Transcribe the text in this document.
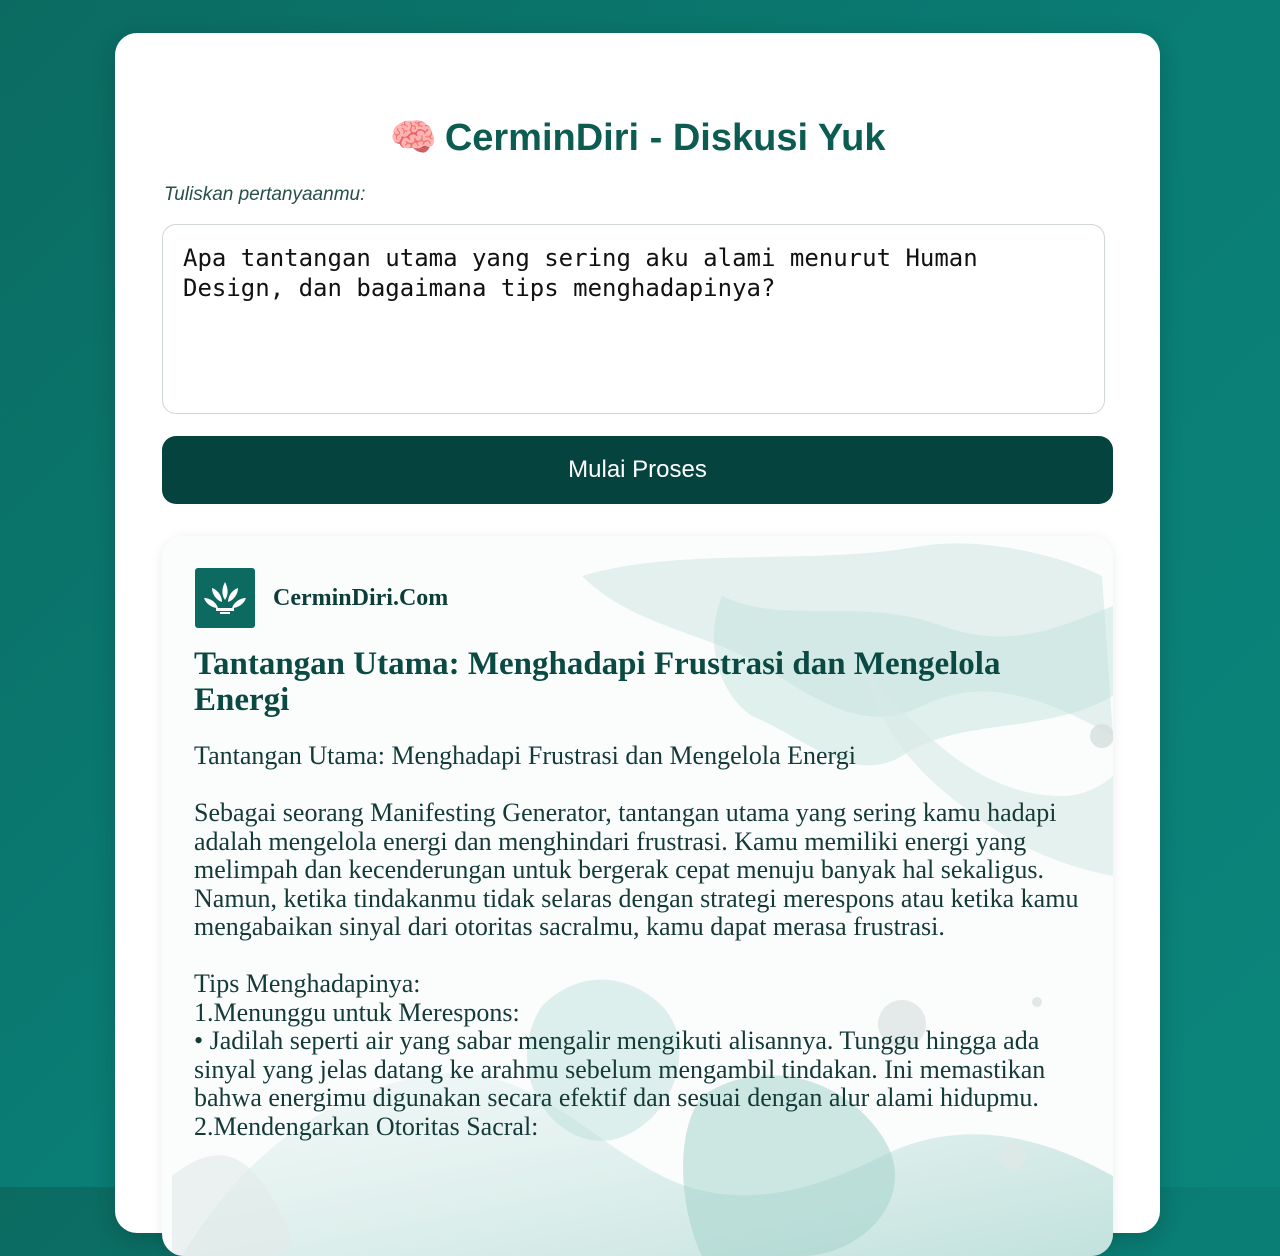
🧠 CerminDiri - Diskusi Yuk
Tuliskan pertanyaanmu:
Apa tantangan utama yang sering aku alami menurut Human Design, dan bagaimana tips menghadapinya?
Mulai Proses
CerminDiri.Com
Tantangan Utama: Menghadapi Frustrasi dan Mengelola Energi
Tantangan Utama: Menghadapi Frustrasi dan Mengelola Energi

Sebagai seorang Manifesting Generator, tantangan utama yang sering kamu hadapi adalah mengelola energi dan menghindari frustrasi. Kamu memiliki energi yang melimpah dan kecenderungan untuk bergerak cepat menuju banyak hal sekaligus. Namun, ketika tindakanmu tidak selaras dengan strategi merespons atau ketika kamu mengabaikan sinyal dari otoritas sacralmu, kamu dapat merasa frustrasi.

Tips Menghadapinya:
1.Menunggu untuk Merespons:
• Jadilah seperti air yang sabar mengalir mengikuti alisannya. Tunggu hingga ada sinyal yang jelas datang ke arahmu sebelum mengambil tindakan. Ini memastikan bahwa energimu digunakan secara efektif dan sesuai dengan alur alami hidupmu.
2.Mendengarkan Otoritas Sacral:
